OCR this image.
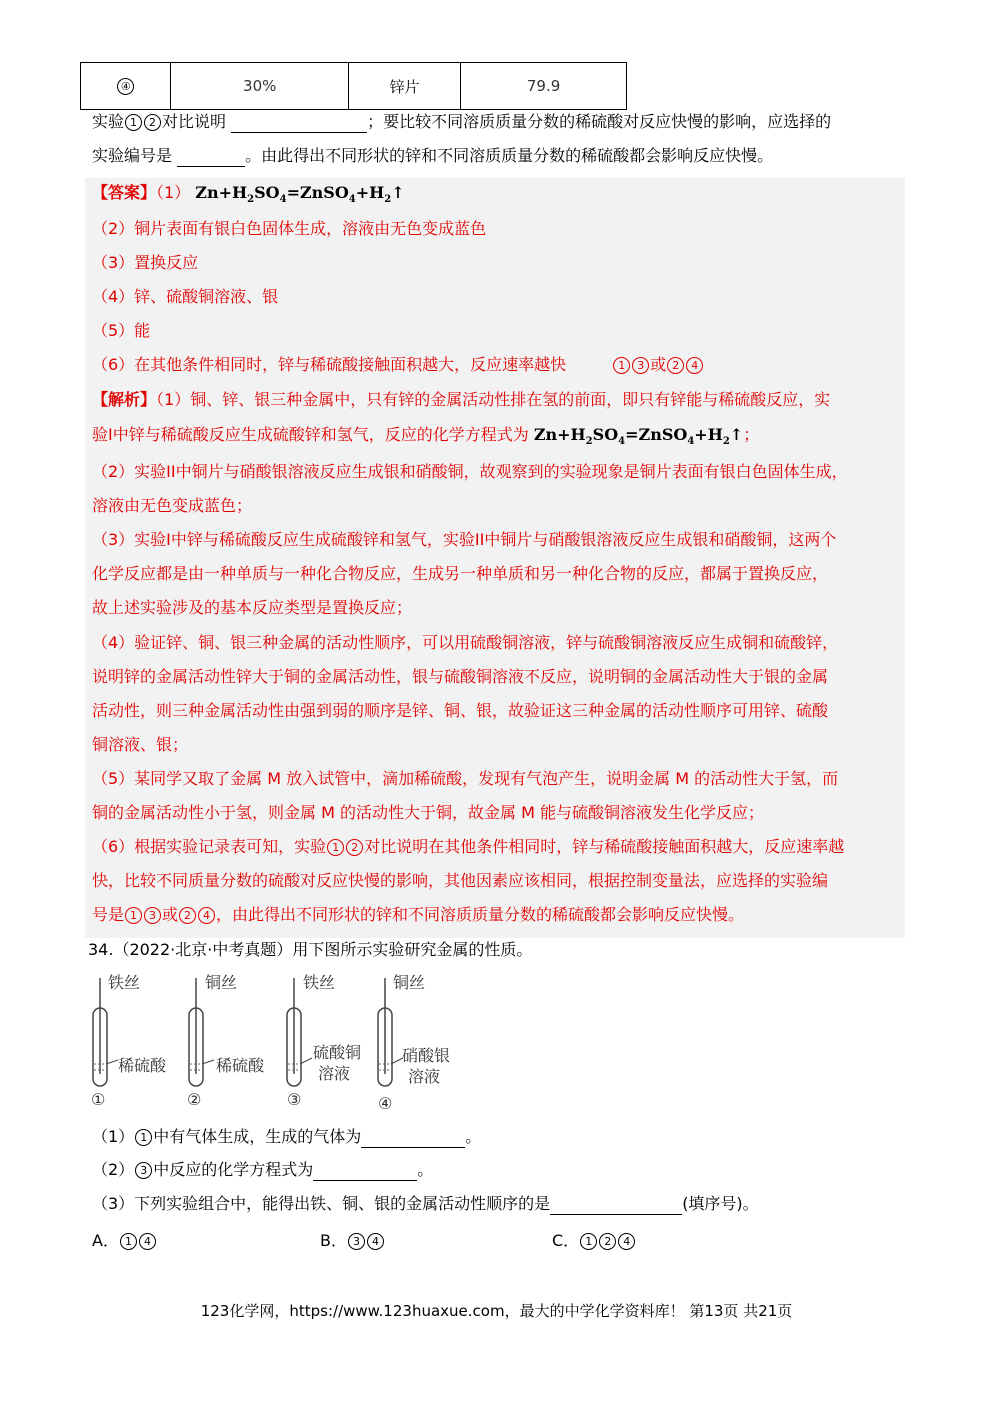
④	30%	锌片	79.9
实验 1 2 对比说明	；要比较不同溶质质量分数的稀硫酸对反应快慢的影响，应选择的
实验编号是	。由此得出不同形状的锌和不同溶质质量分数的稀硫酸都会影响反应快慢。
【答案】（1） $Zn+H_2SO_4=ZnSO_4+H_2↑$
（2）铜片表面有银白色固体生成，溶液由无色变成蓝色
（3）置换反应
（4）锌、硫酸铜溶液、银
（5）能
（6）在其他条件相同时，锌与稀硫酸接触面积越大，反应速率越快	1 3 或 2 4
【解析】（1）铜、锌、银三种金属中，只有锌的金属活动性排在氢的前面，即只有锌能与稀硫酸反应，实
验I中锌与稀硫酸反应生成硫酸锌和氢气，反应的化学方程式为 $Zn+H_2SO_4=ZnSO_4+H_2↑$；
（2）实验II中铜片与硝酸银溶液反应生成银和硝酸铜，故观察到的实验现象是铜片表面有银白色固体生成，
溶液由无色变成蓝色；
（3）实验I中锌与稀硫酸反应生成硫酸锌和氢气，实验II中铜片与硝酸银溶液反应生成银和硝酸铜，这两个
化学反应都是由一种单质与一种化合物反应，生成另一种单质和另一种化合物的反应，都属于置换反应，
故上述实验涉及的基本反应类型是置换反应；
（4）验证锌、铜、银三种金属的活动性顺序，可以用硫酸铜溶液，锌与硫酸铜溶液反应生成铜和硫酸锌，
说明锌的金属活动性锌大于铜的金属活动性，银与硫酸铜溶液不反应，说明铜的金属活动性大于银的金属
活动性，则三种金属活动性由强到弱的顺序是锌、铜、银，故验证这三种金属的活动性顺序可用锌、硫酸
铜溶液、银；
（5）某同学又取了金属 M 放入试管中，滴加稀硫酸，发现有气泡产生，说明金属 M 的活动性大于氢，而
铜的金属活动性小于氢，则金属 M 的活动性大于铜，故金属 M 能与硫酸铜溶液发生化学反应；
（6）根据实验记录表可知，实验 1 2 对比说明在其他条件相同时，锌与稀硫酸接触面积越大，反应速率越
快，比较不同质量分数的硫酸对反应快慢的影响，其他因素应该相同，根据控制变量法，应选择的实验编
号是 1 3 或 2 4 ，由此得出不同形状的锌和不同溶质质量分数的稀硫酸都会影响反应快慢。
34.（2022·北京·中考真题）用下图所示实验研究金属的性质。
铁丝
稀硫酸
①
铜丝
稀硫酸
②
铁丝
硫酸铜
溶液
③
铜丝
硝酸银
溶液
④
（1） 1 中有气体生成，生成的气体为	。
（2） 3 中反应的化学方程式为	。
（3）下列实验组合中，能得出铁、铜、银的金属活动性顺序的是	(填序号)。
A． 1 4	B． 3 4	C． 1 2 4
123化学网，https://www.123huaxue.com，最大的中学化学资料库！ 第13页 共21页
